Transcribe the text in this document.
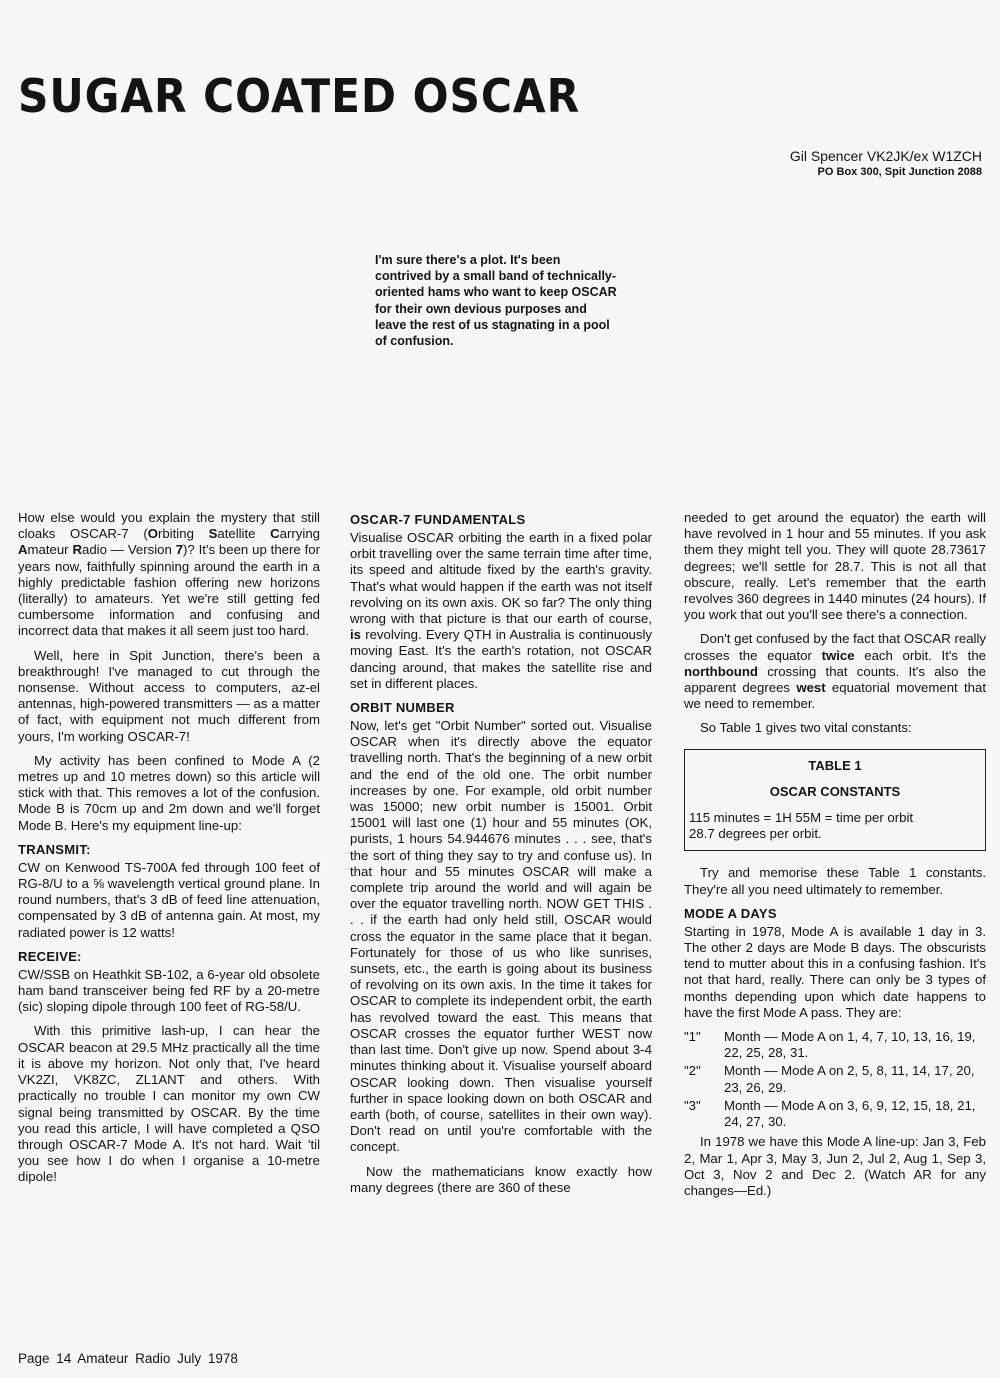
SUGAR COATED OSCAR
Gil Spencer VK2JK/ex W1ZCH
PO Box 300, Spit Junction 2088
I'm sure there's a plot. It's been contrived by a small band of technically-oriented hams who want to keep OSCAR for their own devious purposes and leave the rest of us stagnating in a pool of confusion.

How else would you explain the mystery that still cloaks OSCAR-7 (Orbiting Satellite Carrying Amateur Radio — Version 7)? It's been up there for years now, faithfully spinning around the earth in a highly predictable fashion offering new horizons (literally) to amateurs. Yet we're still getting fed cumbersome information and confusing and incorrect data that makes it all seem just too hard.

Well, here in Spit Junction, there's been a breakthrough! I've managed to cut through the nonsense. Without access to computers, az-el antennas, high-powered transmitters — as a matter of fact, with equipment not much different from yours, I'm working OSCAR-7!

My activity has been confined to Mode A (2 metres up and 10 metres down) so this article will stick with that. This removes a lot of the confusion. Mode B is 70cm up and 2m down and we'll forget Mode B. Here's my equipment line-up:

TRANSMIT:

CW on Kenwood TS-700A fed through 100 feet of RG-8/U to a ⅝ wavelength vertical ground plane. In round numbers, that's 3 dB of feed line attenuation, compensated by 3 dB of antenna gain. At most, my radiated power is 12 watts!

RECEIVE:

CW/SSB on Heathkit SB-102, a 6-year old obsolete ham band transceiver being fed RF by a 20-metre (sic) sloping dipole through 100 feet of RG-58/U.

With this primitive lash-up, I can hear the OSCAR beacon at 29.5 MHz practically all the time it is above my horizon. Not only that, I've heard VK2ZI, VK8ZC, ZL1ANT and others. With practically no trouble I can monitor my own CW signal being transmitted by OSCAR. By the time you read this article, I will have completed a QSO through OSCAR-7 Mode A. It's not hard. Wait 'til you see how I do when I organise a 10-metre dipole!

OSCAR-7 FUNDAMENTALS

Visualise OSCAR orbiting the earth in a fixed polar orbit travelling over the same terrain time after time, its speed and altitude fixed by the earth's gravity. That's what would happen if the earth was not itself revolving on its own axis. OK so far? The only thing wrong with that picture is that our earth of course, is revolving. Every QTH in Australia is continuously moving East. It's the earth's rotation, not OSCAR dancing around, that makes the satellite rise and set in different places.

ORBIT NUMBER

Now, let's get "Orbit Number" sorted out. Visualise OSCAR when it's directly above the equator travelling north. That's the beginning of a new orbit and the end of the old one. The orbit number increases by one. For example, old orbit number was 15000; new orbit number is 15001. Orbit 15001 will last one (1) hour and 55 minutes (OK, purists, 1 hours 54.944676 minutes . . . see, that's the sort of thing they say to try and confuse us). In that hour and 55 minutes OSCAR will make a complete trip around the world and will again be over the equator travelling north. NOW GET THIS . . . if the earth had only held still, OSCAR would cross the equator in the same place that it began. Fortunately for those of us who like sunrises, sunsets, etc., the earth is going about its business of revolving on its own axis. In the time it takes for OSCAR to complete its independent orbit, the earth has revolved toward the east. This means that OSCAR crosses the equator further WEST now than last time. Don't give up now. Spend about 3-4 minutes thinking about it. Visualise yourself aboard OSCAR looking down. Then visualise yourself further in space looking down on both OSCAR and earth (both, of course, satellites in their own way). Don't read on until you're comfortable with the concept.

Now the mathematicians know exactly how many degrees (there are 360 of these

needed to get around the equator) the earth will have revolved in 1 hour and 55 minutes. If you ask them they might tell you. They will quote 28.73617 degrees; we'll settle for 28.7. This is not all that obscure, really. Let's remember that the earth revolves 360 degrees in 1440 minutes (24 hours). If you work that out you'll see there's a connection.

Don't get confused by the fact that OSCAR really crosses the equator twice each orbit. It's the northbound crossing that counts. It's also the apparent degrees west equatorial movement that we need to remember.

So Table 1 gives two vital constants:

TABLE 1
OSCAR CONSTANTS
115 minutes = 1H 55M = time per orbit
28.7 degrees per orbit.

Try and memorise these Table 1 constants. They're all you need ultimately to remember.

MODE A DAYS

Starting in 1978, Mode A is available 1 day in 3. The other 2 days are Mode B days. The obscurists tend to mutter about this in a confusing fashion. It's not that hard, really. There can only be 3 types of months depending upon which date happens to have the first Mode A pass. They are:

"1"	Month — Mode A on 1, 4, 7, 10, 13, 16, 19, 22, 25, 28, 31.
"2"	Month — Mode A on 2, 5, 8, 11, 14, 17, 20, 23, 26, 29.
"3"	Month — Mode A on 3, 6, 9, 12, 15, 18, 21, 24, 27, 30.

In 1978 we have this Mode A line-up: Jan 3, Feb 2, Mar 1, Apr 3, May 3, Jun 2, Jul 2, Aug 1, Sep 3, Oct 3, Nov 2 and Dec 2. (Watch AR for any changes—Ed.)

Page 14 Amateur Radio July 1978
